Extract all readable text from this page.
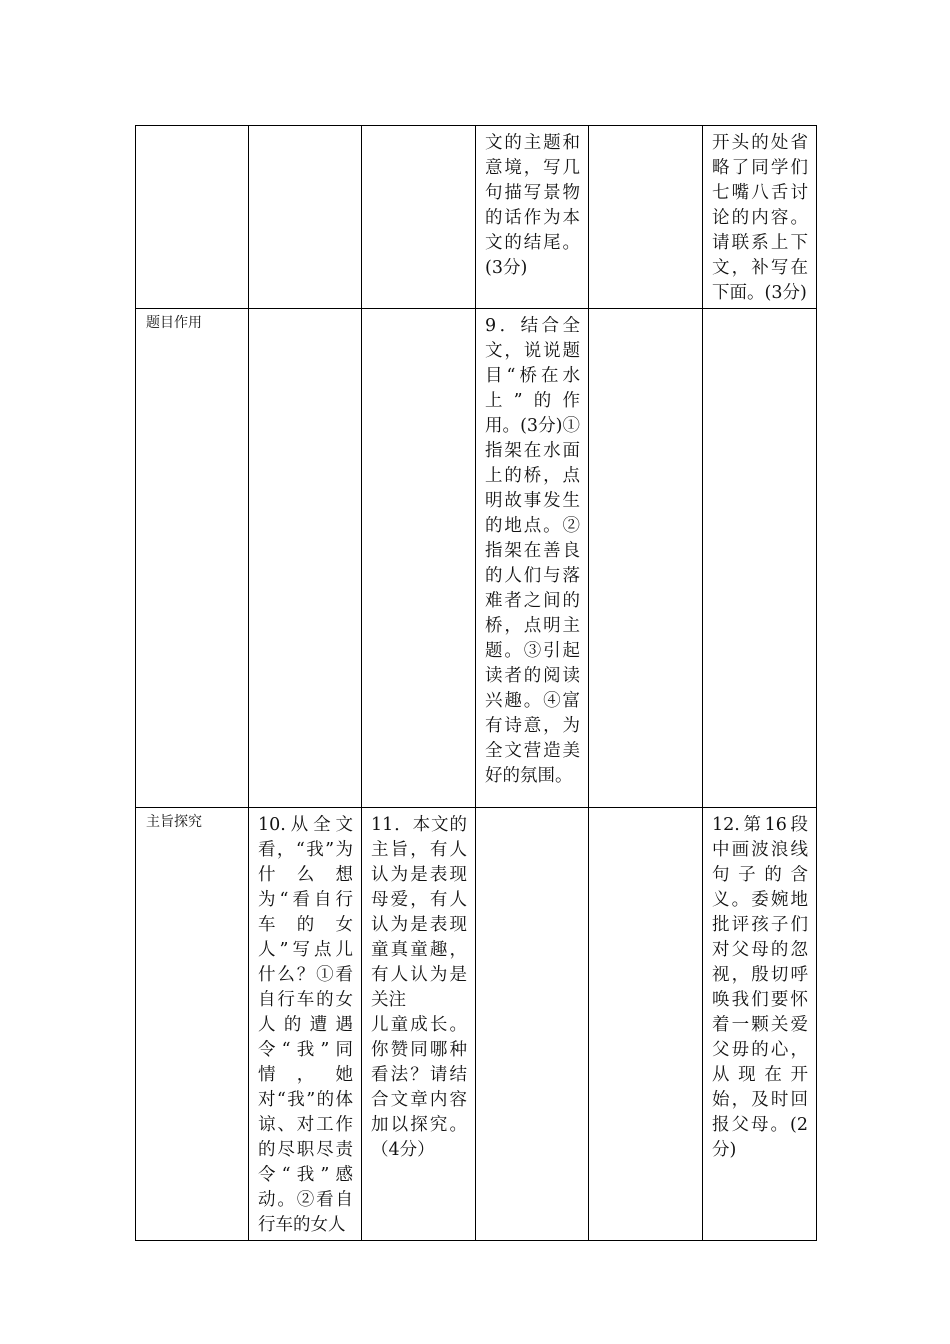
			文的主题和意境，写几句描写景物的话作为本文的结尾。(3分)		开头的处省略了同学们七嘴八舌讨论的内容。请联系上下文，补写在下面。(3分)

题目作用			9．结合全文，说说题目“桥在水上”的作用。(3分)①指架在水面上的桥，点明故事发生的地点。②指架在善良的人们与落难者之间的桥，点明主题。③引起读者的阅读兴趣。④富有诗意，为全文营造美好的氛围。		

主旨探究	10.从全文看，“我”为什么想为“看自行车的女人”写点儿什么？①看自行车的女人的遭遇令“我”同情，她对“我”的体谅、对工作的尽职尽责令“我”感动。②看自行车的女人	11．本文的主旨，有人认为是表现母爱，有人认为是表现童真童趣，有人认为是关注
儿童成长。你赞同哪种看法？请结合文章内容加以探究。（4分）			12.第16段中画波浪线句子的含义。委婉地批评孩子们对父母的忽视，殷切呼唤我们要怀着一颗关爱父毋的心，从现在开始，及时回报父母。(2分)
